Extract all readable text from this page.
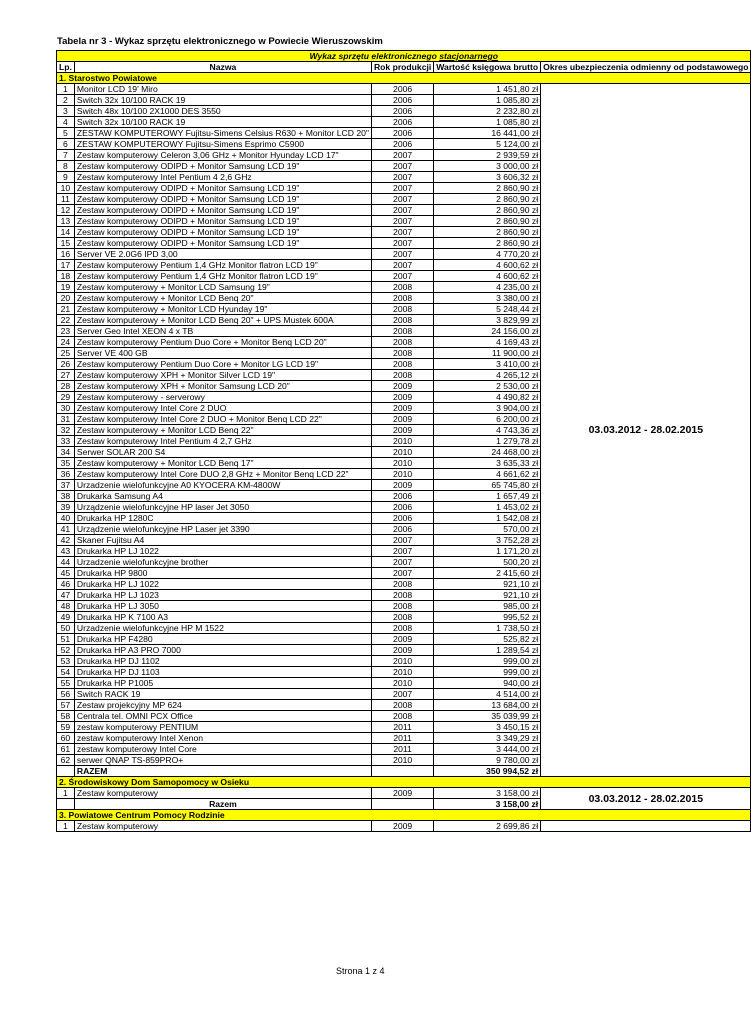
Tabela nr 3 - Wykaz sprzętu elektronicznego w Powiecie Wieruszowskim
Wykaz sprzętu elektronicznego stacjonarnego				
Lp.	Nazwa	Rok produkcji	Wartość księgowa brutto	Okres ubezpieczenia odmienny od podstawowego
1. Starostwo Powiatowe				
1	Monitor LCD 19' Miro	2006	1 451,80 zł	03.03.2012 - 28.02.2015
2	Switch 32x 10/100 RACK 19	2006	1 085,80 zł	
3	Switch 48x 10/100 2X1000 DES 3550	2006	2 232,80 zł	
4	Switch 32x 10/100 RACK 19	2006	1 085,80 zł	
5	ZESTAW KOMPUTEROWY Fujitsu-Simens Celsius R630 + Monitor LCD 20"	2006	16 441,00 zł	
6	ZESTAW KOMPUTEROWY Fujitsu-Simens Esprimo C5900	2006	5 124,00 zł	
7	Zestaw komputerowy Celeron 3,06 GHz + Monitor Hyunday LCD 17"	2007	2 939,59 zł	
8	Zestaw komputerowy ODIPD + Monitor Samsung LCD 19"	2007	3 000,00 zł	
9	Zestaw komputerowy Intel Pentium 4 2,6 GHz	2007	3 606,32 zł	
10	Zestaw komputerowy ODIPD + Monitor Samsung LCD 19"	2007	2 860,90 zł	
11	Zestaw komputerowy ODIPD + Monitor Samsung LCD 19"	2007	2 860,90 zł	
12	Zestaw komputerowy ODIPD + Monitor Samsung LCD 19"	2007	2 860,90 zł	
13	Zestaw komputerowy ODIPD + Monitor Samsung LCD 19"	2007	2 860,90 zł	
14	Zestaw komputerowy ODIPD + Monitor Samsung LCD 19"	2007	2 860,90 zł	
15	Zestaw komputerowy ODIPD + Monitor Samsung LCD 19"	2007	2 860,90 zł	
16	Server VE 2.0G6 IPD 3,00	2007	4 770,20 zł	
17	Zestaw komputerowy Pentium 1,4 GHz Monitor flatron LCD 19"	2007	4 600,62 zł	
18	Zestaw komputerowy Pentium 1,4 GHz Monitor flatron LCD 19"	2007	4 600,62 zł	
19	Zestaw komputerowy + Monitor LCD Samsung 19"	2008	4 235,00 zł	
20	Zestaw komputerowy + Monitor LCD Benq 20"	2008	3 380,00 zł	
21	Zestaw komputerowy + Monitor LCD Hyunday 19"	2008	5 248,44 zł	
22	Zestaw komputerowy + Monitor LCD Benq 20" + UPS Mustek 600A	2008	3 829,99 zł	
23	Server Geo Intel XEON 4 x TB	2008	24 156,00 zł	
24	Zestaw komputerowy Pentium Duo Core + Monitor Benq LCD 20"	2008	4 169,43 zł	
25	Server VE 400 GB	2008	11 900,00 zł	
26	Zestaw komputerowy Pentium Duo Core + Monitor LG LCD 19"	2008	3 410,00 zł	
27	Zestaw komputerowy XPH + Monitor Silver LCD 19"	2008	4 265,12 zł	
28	Zestaw komputerowy XPH + Monitor Samsung LCD 20"	2009	2 530,00 zł	
29	Zestaw komputerowy - serverowy	2009	4 490,82 zł	
30	Zestaw komputerowy Intel Core 2 DUO	2009	3 904,00 zł	
31	Zestaw komputerowy Intel Core 2 DUO + Monitor Benq LCD 22"	2009	6 200,00 zł	
32	Zestaw komputerowy + Monitor LCD Benq 22"	2009	4 743,36 zł	
33	Zestaw komputerowy Intel Pentium 4 2,7 GHz	2010	1 279,78 zł	
34	Serwer SOLAR 200 S4	2010	24 468,00 zł	
35	Zestaw komputerowy + Monitor LCD Benq 17"	2010	3 635,33 zł	
36	Zestaw komputerowy Intel Core DUO 2,8 GHz + Monitor Benq LCD 22"	2010	4 661,62 zł	
37	Urzadzenie wielofunkcyjne A0 KYOCERA KM-4800W	2009	65 745,80 zł	
38	Drukarka Samsung A4	2006	1 657,49 zł	
39	Urządzenie wielofunkcyjne HP laser Jet 3050	2006	1 453,02 zł	
40	Drukarka HP 1280C	2006	1 542,08 zł	
41	Urządzenie wielofunkcyjne HP Laser jet 3390	2006	570,00 zł	
42	Skaner Fujitsu A4	2007	3 752,28 zł	
43	Drukarka HP LJ 1022	2007	1 171,20 zł	
44	Urzadzenie wielofunkcyjne brother	2007	500,20 zł	
45	Drukarka HP 9800	2007	2 415,60 zł	
46	Drukarka HP LJ 1022	2008	921,10 zł	
47	Drukarka HP LJ 1023	2008	921,10 zł	
48	Drukarka HP LJ 3050	2008	985,00 zł	
49	Drukarka HP K 7100 A3	2008	995,52 zł	
50	Urzadzenie wielofunkcyjne HP M 1522	2008	1 738,50 zł	
51	Drukarka HP F4280	2009	525,82 zł	
52	Drukarka HP A3 PRO 7000	2009	1 289,54 zł	
53	Drukarka HP DJ 1102	2010	999,00 zł	
54	Drukarka HP DJ 1103	2010	999,00 zł	
55	Drukarka HP P1005	2010	940,00 zł	
56	Switch RACK 19	2007	4 514,00 zł	
57	Zestaw projekcyjny MP 624	2008	13 684,00 zł	
58	Centrala tel. OMNI PCX Office	2008	35 039,99 zł	
59	zestaw komputerowy PENTIUM	2011	3 450,15 zł	
60	zestaw komputerowy Intel Xenon	2011	3 349,29 zł	
61	zestaw komputerowy Intel Core	2011	3 444,00 zł	
62	serwer QNAP TS-859PRO+	2010	9 780,00 zł	
	RAZEM		350 994,52 zł	
2. Środowiskowy Dom Samopomocy w Osieku				
1	Zestaw komputerowy	2009	3 158,00 zł	03.03.2012 - 28.02.2015
	Razem		3 158,00 zł	
3. Powiatowe Centrum Pomocy Rodzinie				
1	Zestaw komputerowy	2009	2 699,86 zł	
Strona 1 z 4
